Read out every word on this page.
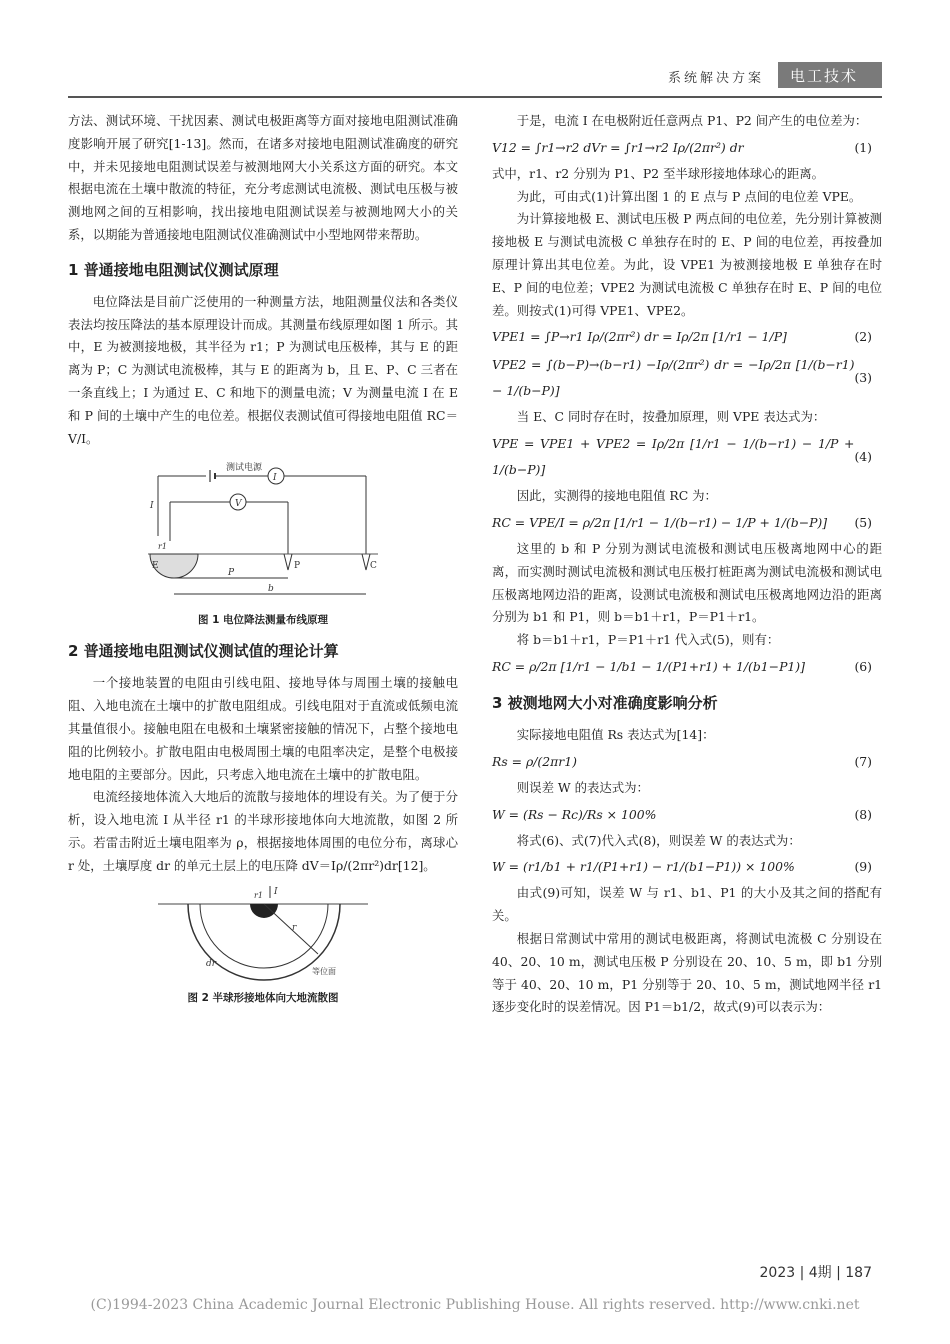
系统解决方案	电工技术

方法、测试环境、干扰因素、测试电极距离等方面对接地电阻测试准确度影响开展了研究[1-13]。然而，在诸多对接地电阻测试准确度的研究中，并未见接地电阻测试误差与被测地网大小关系这方面的研究。本文根据电流在土壤中散流的特征，充分考虑测试电流极、测试电压极与被测地网之间的互相影响，找出接地电阻测试误差与被测地网大小的关系，以期能为普通接地电阻测试仪准确测试中小型地网带来帮助。

1 普通接地电阻测试仪测试原理

电位降法是目前广泛使用的一种测量方法，地阻测量仪法和各类仪表法均按压降法的基本原理设计而成。其测量布线原理如图 1 所示。其中，E 为被测接地极，其半径为 r1；P 为测试电压极棒，其与 E 的距离为 P；C 为测试电流极棒，其与 E 的距离为 b，且 E、P、C 三者在一条直线上；I 为通过 E、C 和地下的测量电流；V 为测量电流 I 在 E 和 P 间的土壤中产生的电位差。根据仪表测试值可得接地电阻值 RC＝V/I。

测试电源
I
I	V
r1
E	P	C
P
b
图 1 电位降法测量布线原理
2 普通接地电阻测试仪测试值的理论计算

一个接地装置的电阻由引线电阻、接地导体与周围土壤的接触电阻、入地电流在土壤中的扩散电阻组成。引线电阻对于直流或低频电流其量值很小。接触电阻在电极和土壤紧密接触的情况下，占整个接地电阻的比例较小。扩散电阻由电极周围土壤的电阻率决定，是整个电极接地电阻的主要部分。因此，只考虑入地电流在土壤中的扩散电阻。

电流经接地体流入大地后的流散与接地体的埋设有关。为了便于分析，设入地电流 I 从半径 r1 的半球形接地体向大地流散，如图 2 所示。若雷击附近土壤电阻率为 ρ，根据接地体周围的电位分布，离球心 r 处，土壤厚度 dr 的单元土层上的电压降 dV＝Iρ/(2πr²)dr[12]。

r
I
r1
dr
等位面
图 2 半球形接地体向大地流散图

于是，电流 I 在电极附近任意两点 P1、P2 间产生的电位差为：

V12 = ∫r1→r2 dVr = ∫r1→r2 Iρ/(2πr²) dr	(1)

式中，r1、r2 分别为 P1、P2 至半球形接地体球心的距离。

为此，可由式(1)计算出图 1 的 E 点与 P 点间的电位差 VPE。

为计算接地极 E、测试电压极 P 两点间的电位差，先分别计算被测接地极 E 与测试电流极 C 单独存在时的 E、P 间的电位差，再按叠加原理计算出其电位差。为此，设 VPE1 为被测接地极 E 单独存在时 E、P 间的电位差；VPE2 为测试电流极 C 单独存在时 E、P 间的电位差。则按式(1)可得 VPE1、VPE2。

VPE1 = ∫P→r1 Iρ/(2πr²) dr = Iρ/2π [1/r1 − 1/P]	(2)
VPE2 = ∫(b−P)→(b−r1) −Iρ/(2πr²) dr = −Iρ/2π [1/(b−r1) − 1/(b−P)]
(3)

当 E、C 同时存在时，按叠加原理，则 VPE 表达式为：

VPE = VPE1 + VPE2 = Iρ/2π [1/r1 − 1/(b−r1) − 1/P + 1/(b−P)]
(4)

因此，实测得的接地电阻值 RC 为：

RC = VPE/I = ρ/2π [1/r1 − 1/(b−r1) − 1/P + 1/(b−P)] (5)

这里的 b 和 P 分别为测试电流极和测试电压极离地网中心的距离，而实测时测试电流极和测试电压极打桩距离为测试电流极和测试电压极离地网边沿的距离，设测试电流极和测试电压极离地网边沿的距离分别为 b1 和 P1，则 b＝b1＋r1，P＝P1＋r1。

将 b＝b1＋r1，P＝P1＋r1 代入式(5)，则有：

RC = ρ/2π [1/r1 − 1/b1 − 1/(P1+r1) + 1/(b1−P1)]	(6)
3 被测地网大小对准确度影响分析

实际接地电阻值 Rs 表达式为[14]：

Rs = ρ/(2πr1)	(7)

则误差 W 的表达式为：

W = (Rs − Rc)/Rs × 100%	(8)

将式(6)、式(7)代入式(8)，则误差 W 的表达式为：

W = (r1/b1 + r1/(P1+r1) − r1/(b1−P1)) × 100%	(9)

由式(9)可知，误差 W 与 r1、b1、P1 的大小及其之间的搭配有关。

根据日常测试中常用的测试电极距离，将测试电流极 C 分别设在 40、20、10 m，测试电压极 P 分别设在 20、10、5 m，即 b1 分别等于 40、20、10 m，P1 分别等于 20、10、5 m，测试地网半径 r1 逐步变化时的误差情况。因 P1＝b1/2，故式(9)可以表示为：

2023 | 4期 | 187
(C)1994-2023 China Academic Journal Electronic Publishing House. All rights reserved. http://www.cnki.net
